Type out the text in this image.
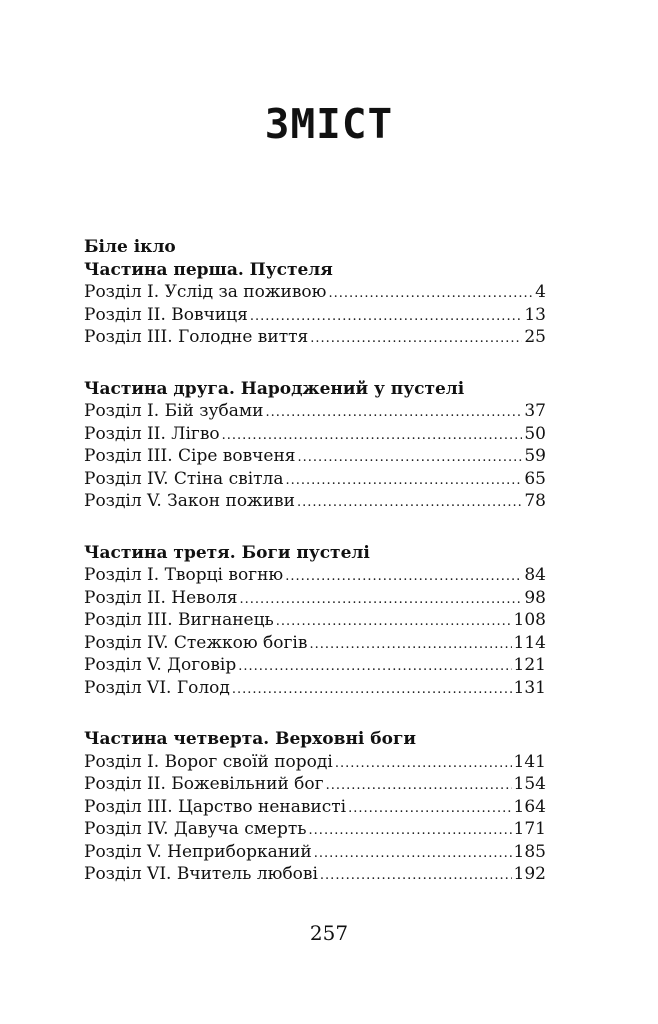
ЗМІСТ
Біле ікло
Частина перша. Пустеля
Розділ I. Услід за поживою .....	4
Розділ II. Вовчиця .....	13
Розділ III. Голодне виття .....	25
Частина друга. Народжений у пустелі
Розділ I. Бій зубами .....	37
Розділ II. Лігво .....	50
Розділ III. Сіре вовченя .....	59
Розділ IV. Стіна світла .....	65
Розділ V. Закон поживи .....	78
Частина третя. Боги пустелі
Розділ I. Творці вогню .....	84
Розділ II. Неволя .....	98
Розділ III. Вигнанець .....	108
Розділ IV. Стежкою богів .....	114
Розділ V. Договір .....	121
Розділ VI. Голод .....	131
Частина четверта. Верховні боги
Розділ I. Ворог своїй породі .....	141
Розділ II. Божевільний бог .....	154
Розділ III. Царство ненависті .....	164
Розділ IV. Давуча смерть .....	171
Розділ V. Неприборканий .....	185
Розділ VI. Вчитель любові .....	192
257
